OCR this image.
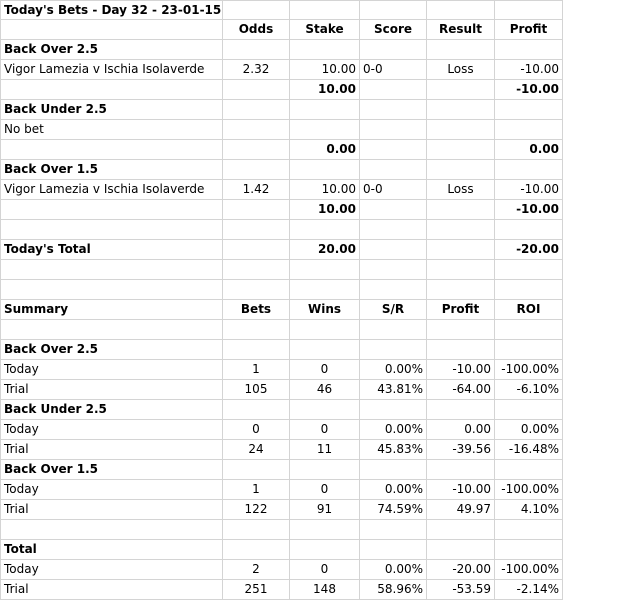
Today's Bets - Day 32 - 23-01-15
Odds	Stake	Score	Result	Profit
Back Over 2.5
Vigor Lamezia v Ischia Isolaverde	2.32	10.00 0-0	Loss	-10.00
10.00	-10.00
Back Under 2.5
No bet
0.00	0.00
Back Over 1.5
Vigor Lamezia v Ischia Isolaverde	1.42	10.00 0-0	Loss	-10.00
10.00	-10.00
Today's Total	20.00	-20.00
Summary	Bets	Wins	S/R	Profit	ROI
Back Over 2.5
Today	1	0	0.00%	-10.00 -100.00%
Trial	105	46	43.81%	-64.00	-6.10%
Back Under 2.5
Today	0	0	0.00%	0.00	0.00%
Trial	24	11	45.83%	-39.56	-16.48%
Back Over 1.5
Today	1	0	0.00%	-10.00 -100.00%
Trial	122	91	74.59%	49.97	4.10%
Total
Today	2	0	0.00%	-20.00 -100.00%
Trial	251	148	58.96%	-53.59	-2.14%
